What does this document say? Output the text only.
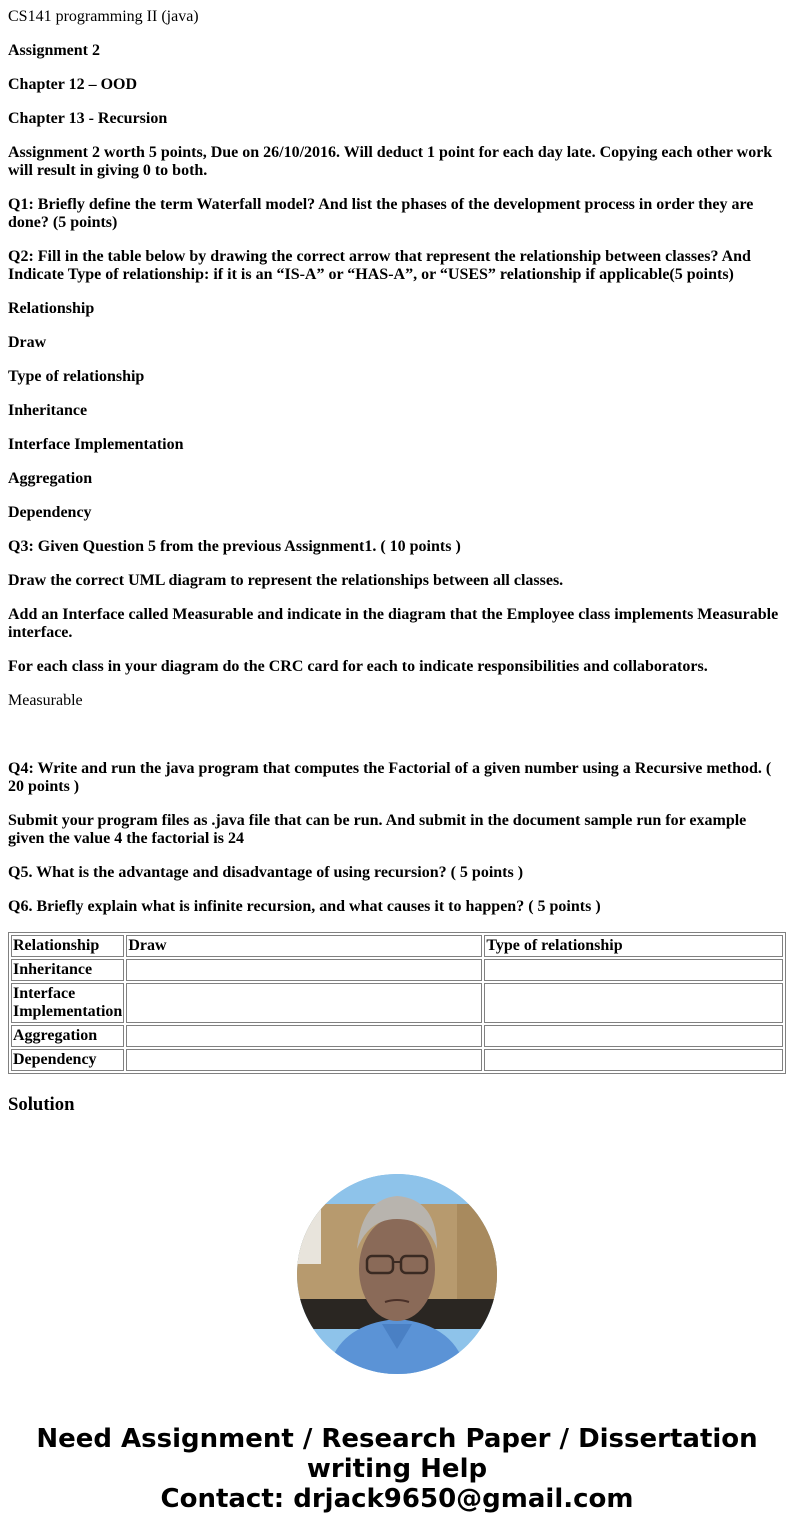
CS141 programming II (java)

Assignment 2

Chapter 12 – OOD

Chapter 13 - Recursion

Assignment 2 worth 5 points, Due on 26/10/2016. Will deduct 1 point for each day late. Copying each other work will result in giving 0 to both.

Q1: Briefly define the term Waterfall model? And list the phases of the development process in order they are done? (5 points)

Q2: Fill in the table below by drawing the correct arrow that represent the relationship between classes? And Indicate Type of relationship: if it is an “IS-A” or “HAS-A”, or “USES” relationship if applicable(5 points)

Relationship

Draw

Type of relationship

Inheritance

Interface Implementation

Aggregation

Dependency

Q3: Given Question 5 from the previous Assignment1. ( 10 points )

Draw the correct UML diagram to represent the relationships between all classes.

Add an Interface called Measurable and indicate in the diagram that the Employee class implements Measurable interface.

For each class in your diagram do the CRC card for each to indicate responsibilities and collaborators.

Measurable

Q4: Write and run the java program that computes the Factorial of a given number using a Recursive method. ( 20 points )

Submit your program files as .java file that can be run. And submit in the document sample run for example given the value 4 the factorial is 24

Q5. What is the advantage and disadvantage of using recursion? ( 5 points )

Q6. Briefly explain what is infinite recursion, and what causes it to happen? ( 5 points )

Relationship	Draw	Type of relationship
Inheritance		
Interface Implementation		
Aggregation		
Dependency		
Solution
Need Assignment / Research Paper / Dissertation
writing Help
Contact: drjack9650@gmail.com
